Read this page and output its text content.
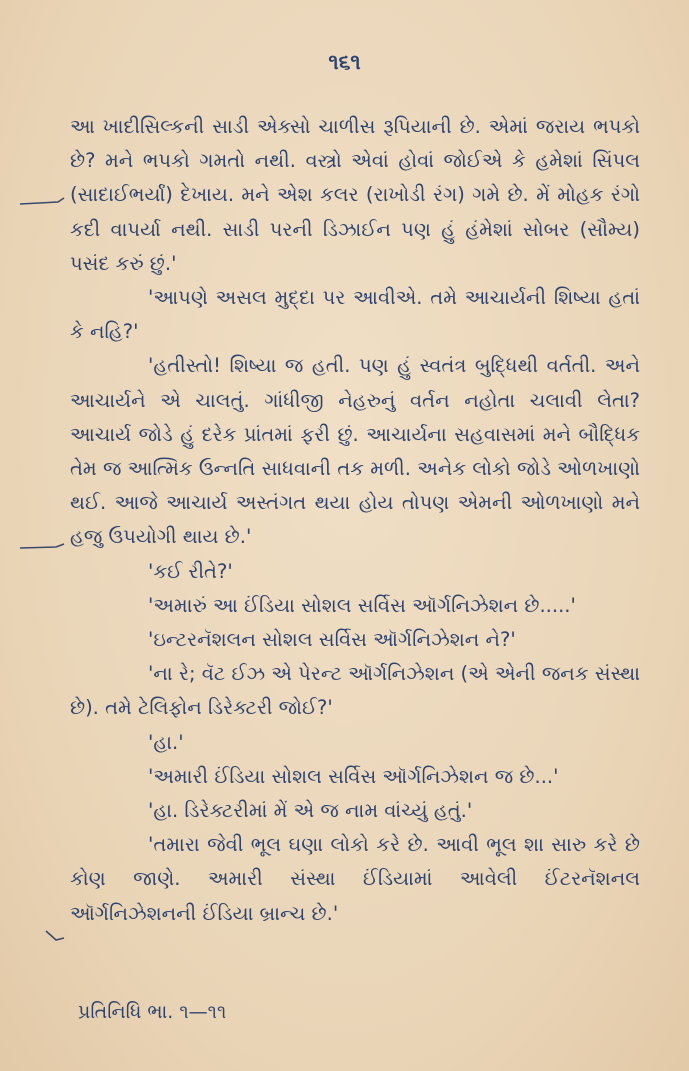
૧૬૧

આ ખાદીસિલ્કની સાડી એક્સો ચાળીસ રૂપિયાની છે. એમાં જરાય ભપકો છે? મને ભપકો ગમતો નથી. વસ્ત્રો એવાં હોવાં જોઈએ કે હમેશાં સિંપલ (સાદાઈભર્યાં) દેખાય. મને એશ કલર (રાખોડી રંગ) ગમે છે. મેં મોહક રંગો કદી વાપર્યા નથી. સાડી પરની ડિઝાઈન પણ હું હંમેશાં સોબર (સૌમ્ય) પસંદ કરું છું.'

'આપણે અસલ મુદ્દા પર આવીએ. તમે આચાર્યની શિષ્યા હતાં કે નહિ?'

'હતીસ્તો! શિષ્યા જ હતી. પણ હું સ્વતંત્ર બુદ્ધિથી વર્તતી. અને આચાર્યને એ ચાલતું. ગાંધીજી નેહરુનું વર્તન નહોતા ચલાવી લેતા? આચાર્ય જોડે હું દરેક પ્રાંતમાં ફરી છું. આચાર્યના સહવાસમાં મને બૌદ્ધિક તેમ જ આત્મિક ઉન્નતિ સાધવાની તક મળી. અનેક લોકો જોડે ઓળખાણો થઈ. આજે આચાર્ય અસ્તંગત થયા હોય તોપણ એમની ઓળખાણો મને હજુ ઉપયોગી થાય છે.'

'કઈ રીતે?'

'અમારું આ ઈંડિયા સોશલ સર્વિસ ઑર્ગનિઝેશન છે.....'

'ઇન્ટરનૅશલન સોશલ સર્વિસ ઑર્ગનિઝેશન ને?'

'ના રે; વૅટ ઈઝ એ પેરન્ટ ઑર્ગનિઝેશન (એ એની જનક સંસ્થા છે). તમે ટેલિફોન ડિરેક્ટરી જોઈ?'

'હા.'

'અમારી ઈંડિયા સોશલ સર્વિસ ઑર્ગનિઝેશન જ છે...'

'હા. ડિરેક્ટરીમાં મેં એ જ નામ વાંચ્યું હતું.'

'તમારા જેવી ભૂલ ઘણા લોકો કરે છે. આવી ભૂલ શા સારુ કરે છે કોણ જાણે. અમારી સંસ્થા ઈંડિયામાં આવેલી ઈંટરનૅશનલ ઑર્ગનિઝેશનની ઈંડિયા બ્રાન્ચ છે.'

પ્રતિનિધિ ભા. ૧—૧૧
